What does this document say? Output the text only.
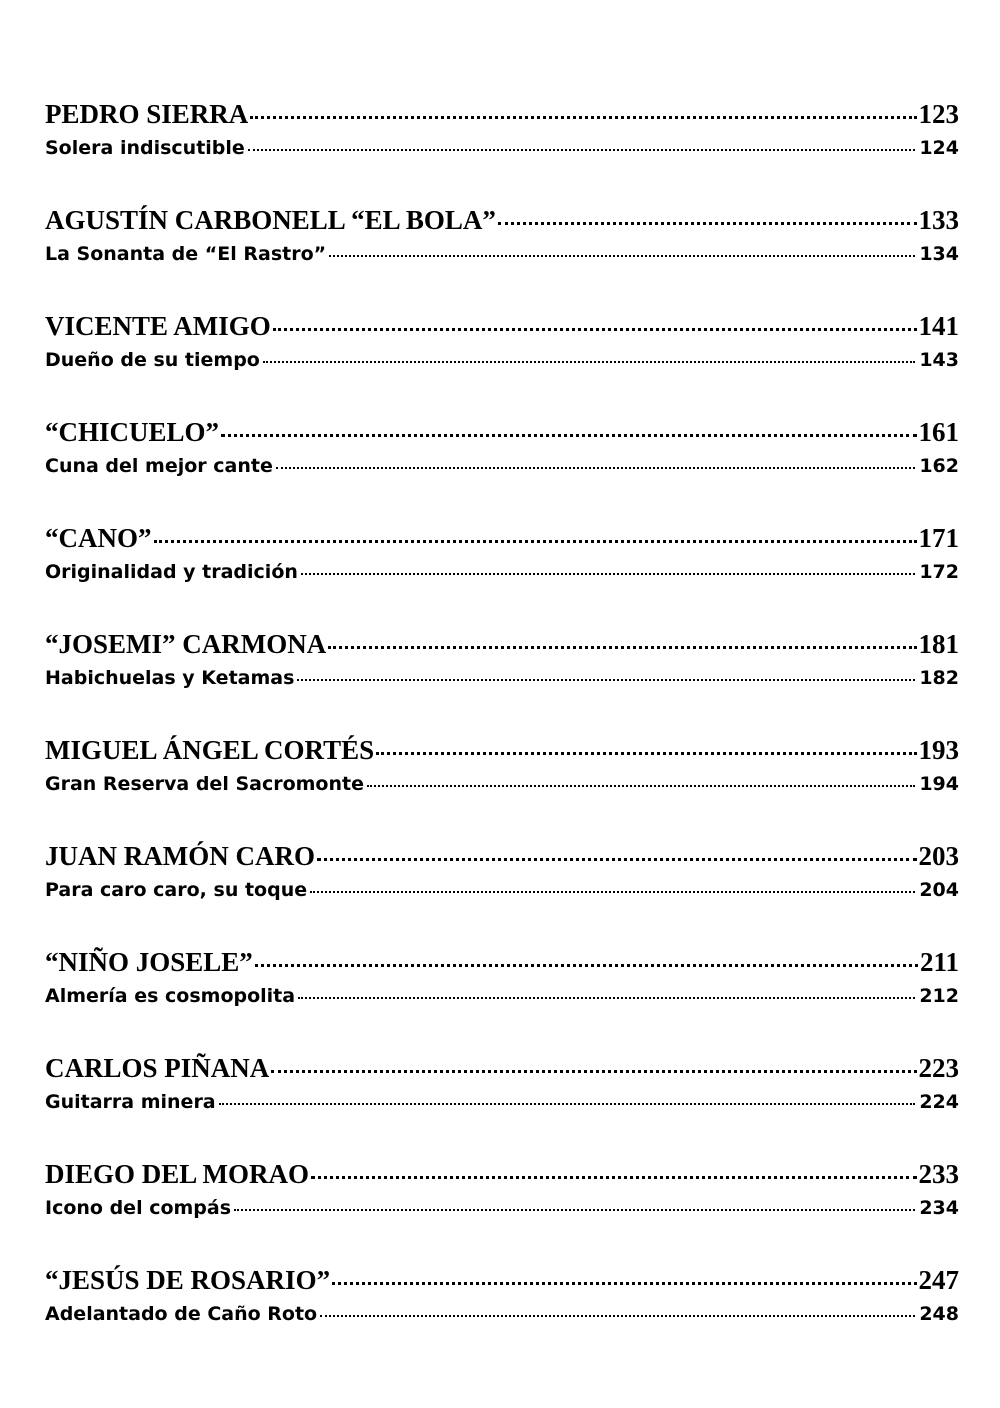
PEDRO SIERRA	123
Solera indiscutible	124
AGUSTÍN CARBONELL “EL BOLA”	133
La Sonanta de “El Rastro”	134
VICENTE AMIGO	141
Dueño de su tiempo	143
“CHICUELO”	161
Cuna del mejor cante	162
“CANO”	171
Originalidad y tradición	172
“JOSEMI” CARMONA	181
Habichuelas y Ketamas	182
MIGUEL ÁNGEL CORTÉS	193
Gran Reserva del Sacromonte	194
JUAN RAMÓN CARO	203
Para caro caro, su toque	204
“NIÑO JOSELE”	211
Almería es cosmopolita	212
CARLOS PIÑANA	223
Guitarra minera	224
DIEGO DEL MORAO	233
Icono del compás	234
“JESÚS DE ROSARIO”	247
Adelantado de Caño Roto	248
